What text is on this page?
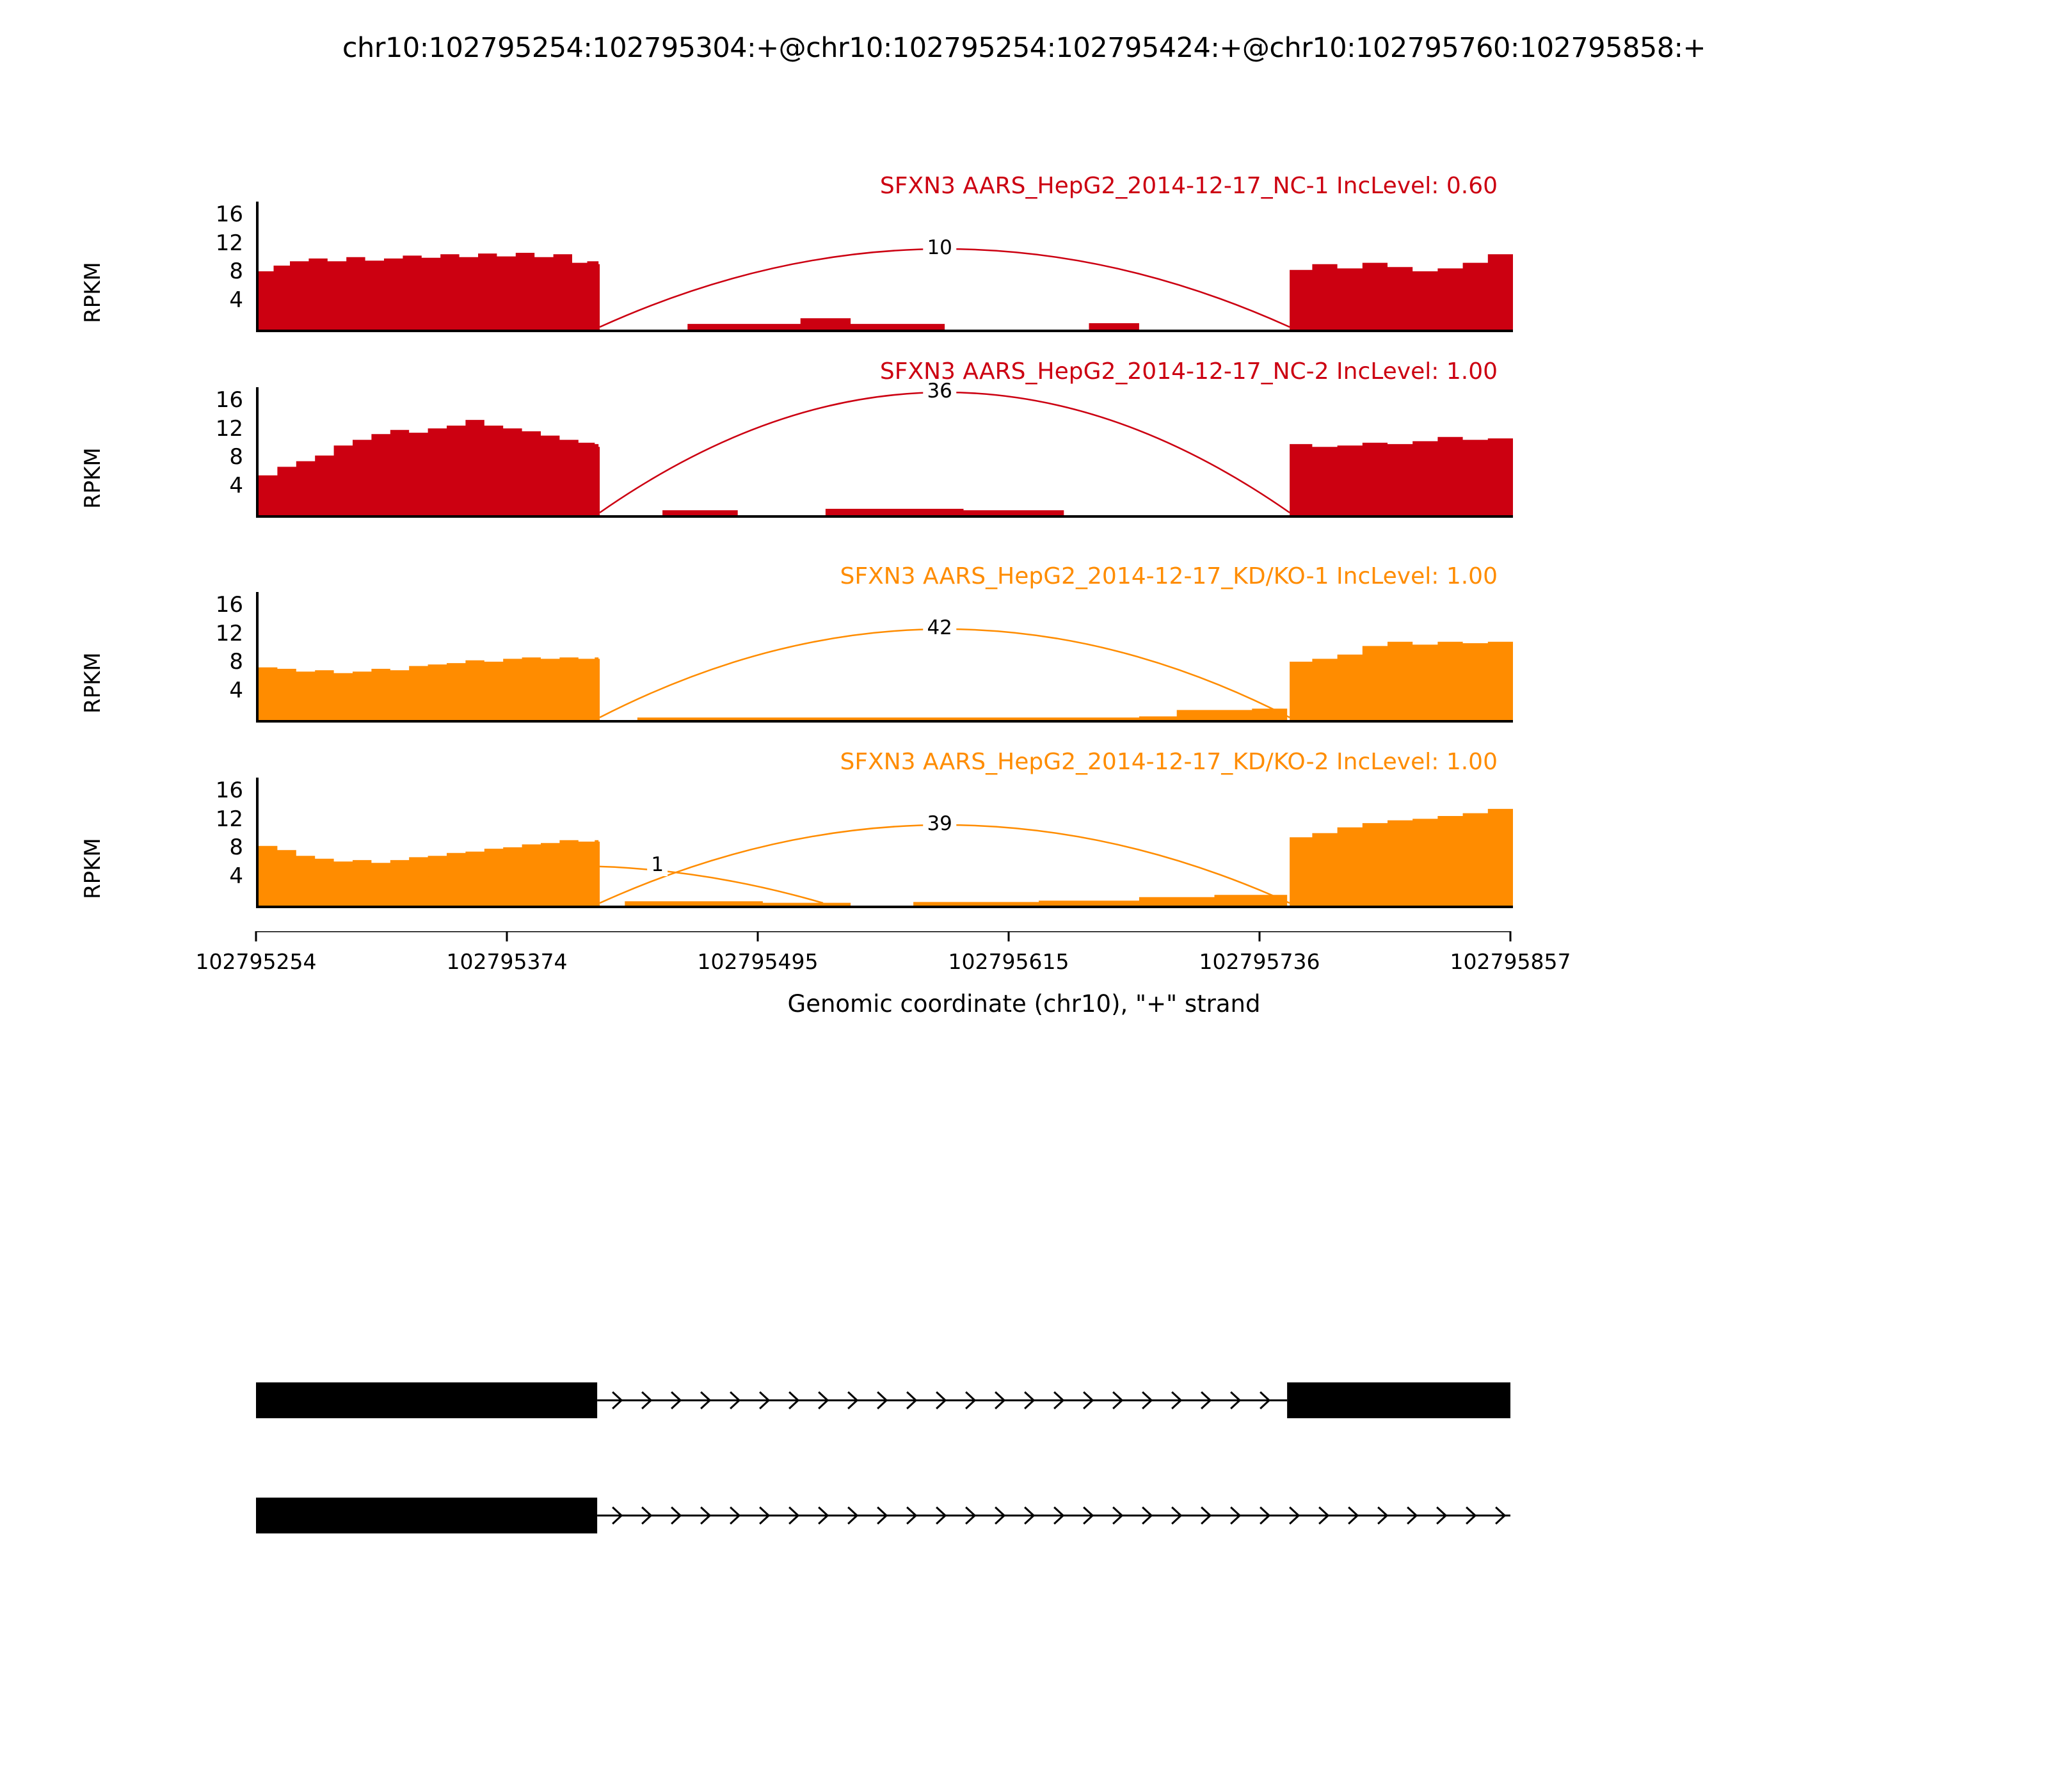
chr10:102795254:102795304:+@chr10:102795254:102795424:+@chr10:102795760:102795858:+
RPKM
16
12
8
4
10
SFXN3 AARS_HepG2_2014-12-17_NC-1 IncLevel: 0.60
RPKM
16
12
8
4
36
SFXN3 AARS_HepG2_2014-12-17_NC-2 IncLevel: 1.00
RPKM
16
12
8
4
42
SFXN3 AARS_HepG2_2014-12-17_KD/KO-1 IncLevel: 1.00
RPKM
16
12
8
4	1
39
SFXN3 AARS_HepG2_2014-12-17_KD/KO-2 IncLevel: 1.00
102795254	102795374	102795495	102795615	102795736	102795857
Genomic coordinate (chr10), "+" strand
